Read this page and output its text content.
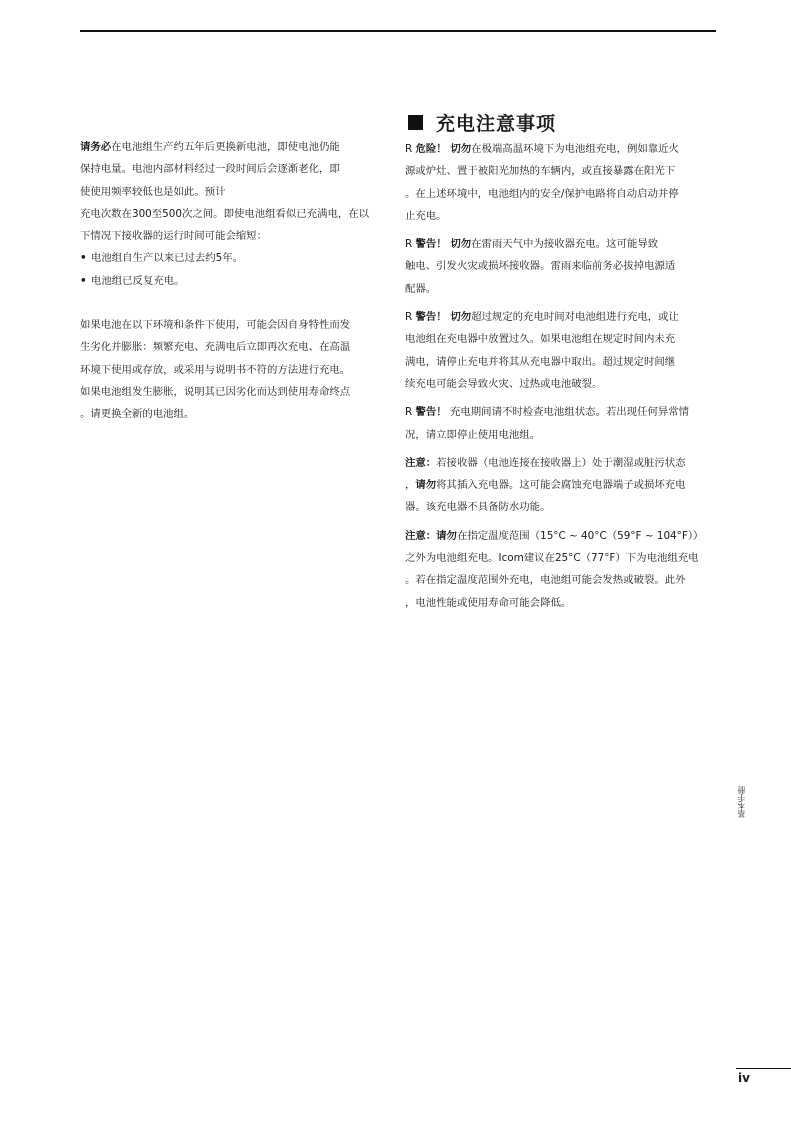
请务必在电池组生产约五年后更换新电池，即使电池仍能
保持电量。电池内部材料经过一段时间后会逐渐老化，即
使使用频率较低也是如此。预计
充电次数在300至500次之间。即使电池组看似已充满电，在以
下情况下接收器的运行时间可能会缩短：
• 电池组自生产以来已过去约5年。
• 电池组已反复充电。
如果电池在以下环境和条件下使用，可能会因自身特性而发
生劣化并膨胀：频繁充电、充满电后立即再次充电、在高温
环境下使用或存放，或采用与说明书不符的方法进行充电。
如果电池组发生膨胀，说明其已因劣化而达到使用寿命终点
。请更换全新的电池组。
充电注意事项
R 危险！ 切勿在极端高温环境下为电池组充电，例如靠近火
源或炉灶、置于被阳光加热的车辆内，或直接暴露在阳光下
。在上述环境中，电池组内的安全/保护电路将自动启动并停
止充电。
R 警告！ 切勿在雷雨天气中为接收器充电。这可能导致
触电、引发火灾或损坏接收器。雷雨来临前务必拔掉电源适
配器。
R 警告！ 切勿超过规定的充电时间对电池组进行充电，或让
电池组在充电器中放置过久。如果电池组在规定时间内未充
满电，请停止充电并将其从充电器中取出。超过规定时间继
续充电可能会导致火灾、过热或电池破裂。
R 警告！ 充电期间请不时检查电池组状态。若出现任何异常情
况，请立即停止使用电池组。
注意：若接收器（电池连接在接收器上）处于潮湿或脏污状态
，请勿将其插入充电器。这可能会腐蚀充电器端子或损坏充电
器。该充电器不具备防水功能。
注意：请勿在指定温度范围（15°C ~ 40°C（59°F ~ 104°F））
之外为电池组充电。Icom建议在25°C（77°F）下为电池组充电
。若在指定温度范围外充电，电池组可能会发热或破裂。此外
，电池性能或使用寿命可能会降低。
基本手册
iv
